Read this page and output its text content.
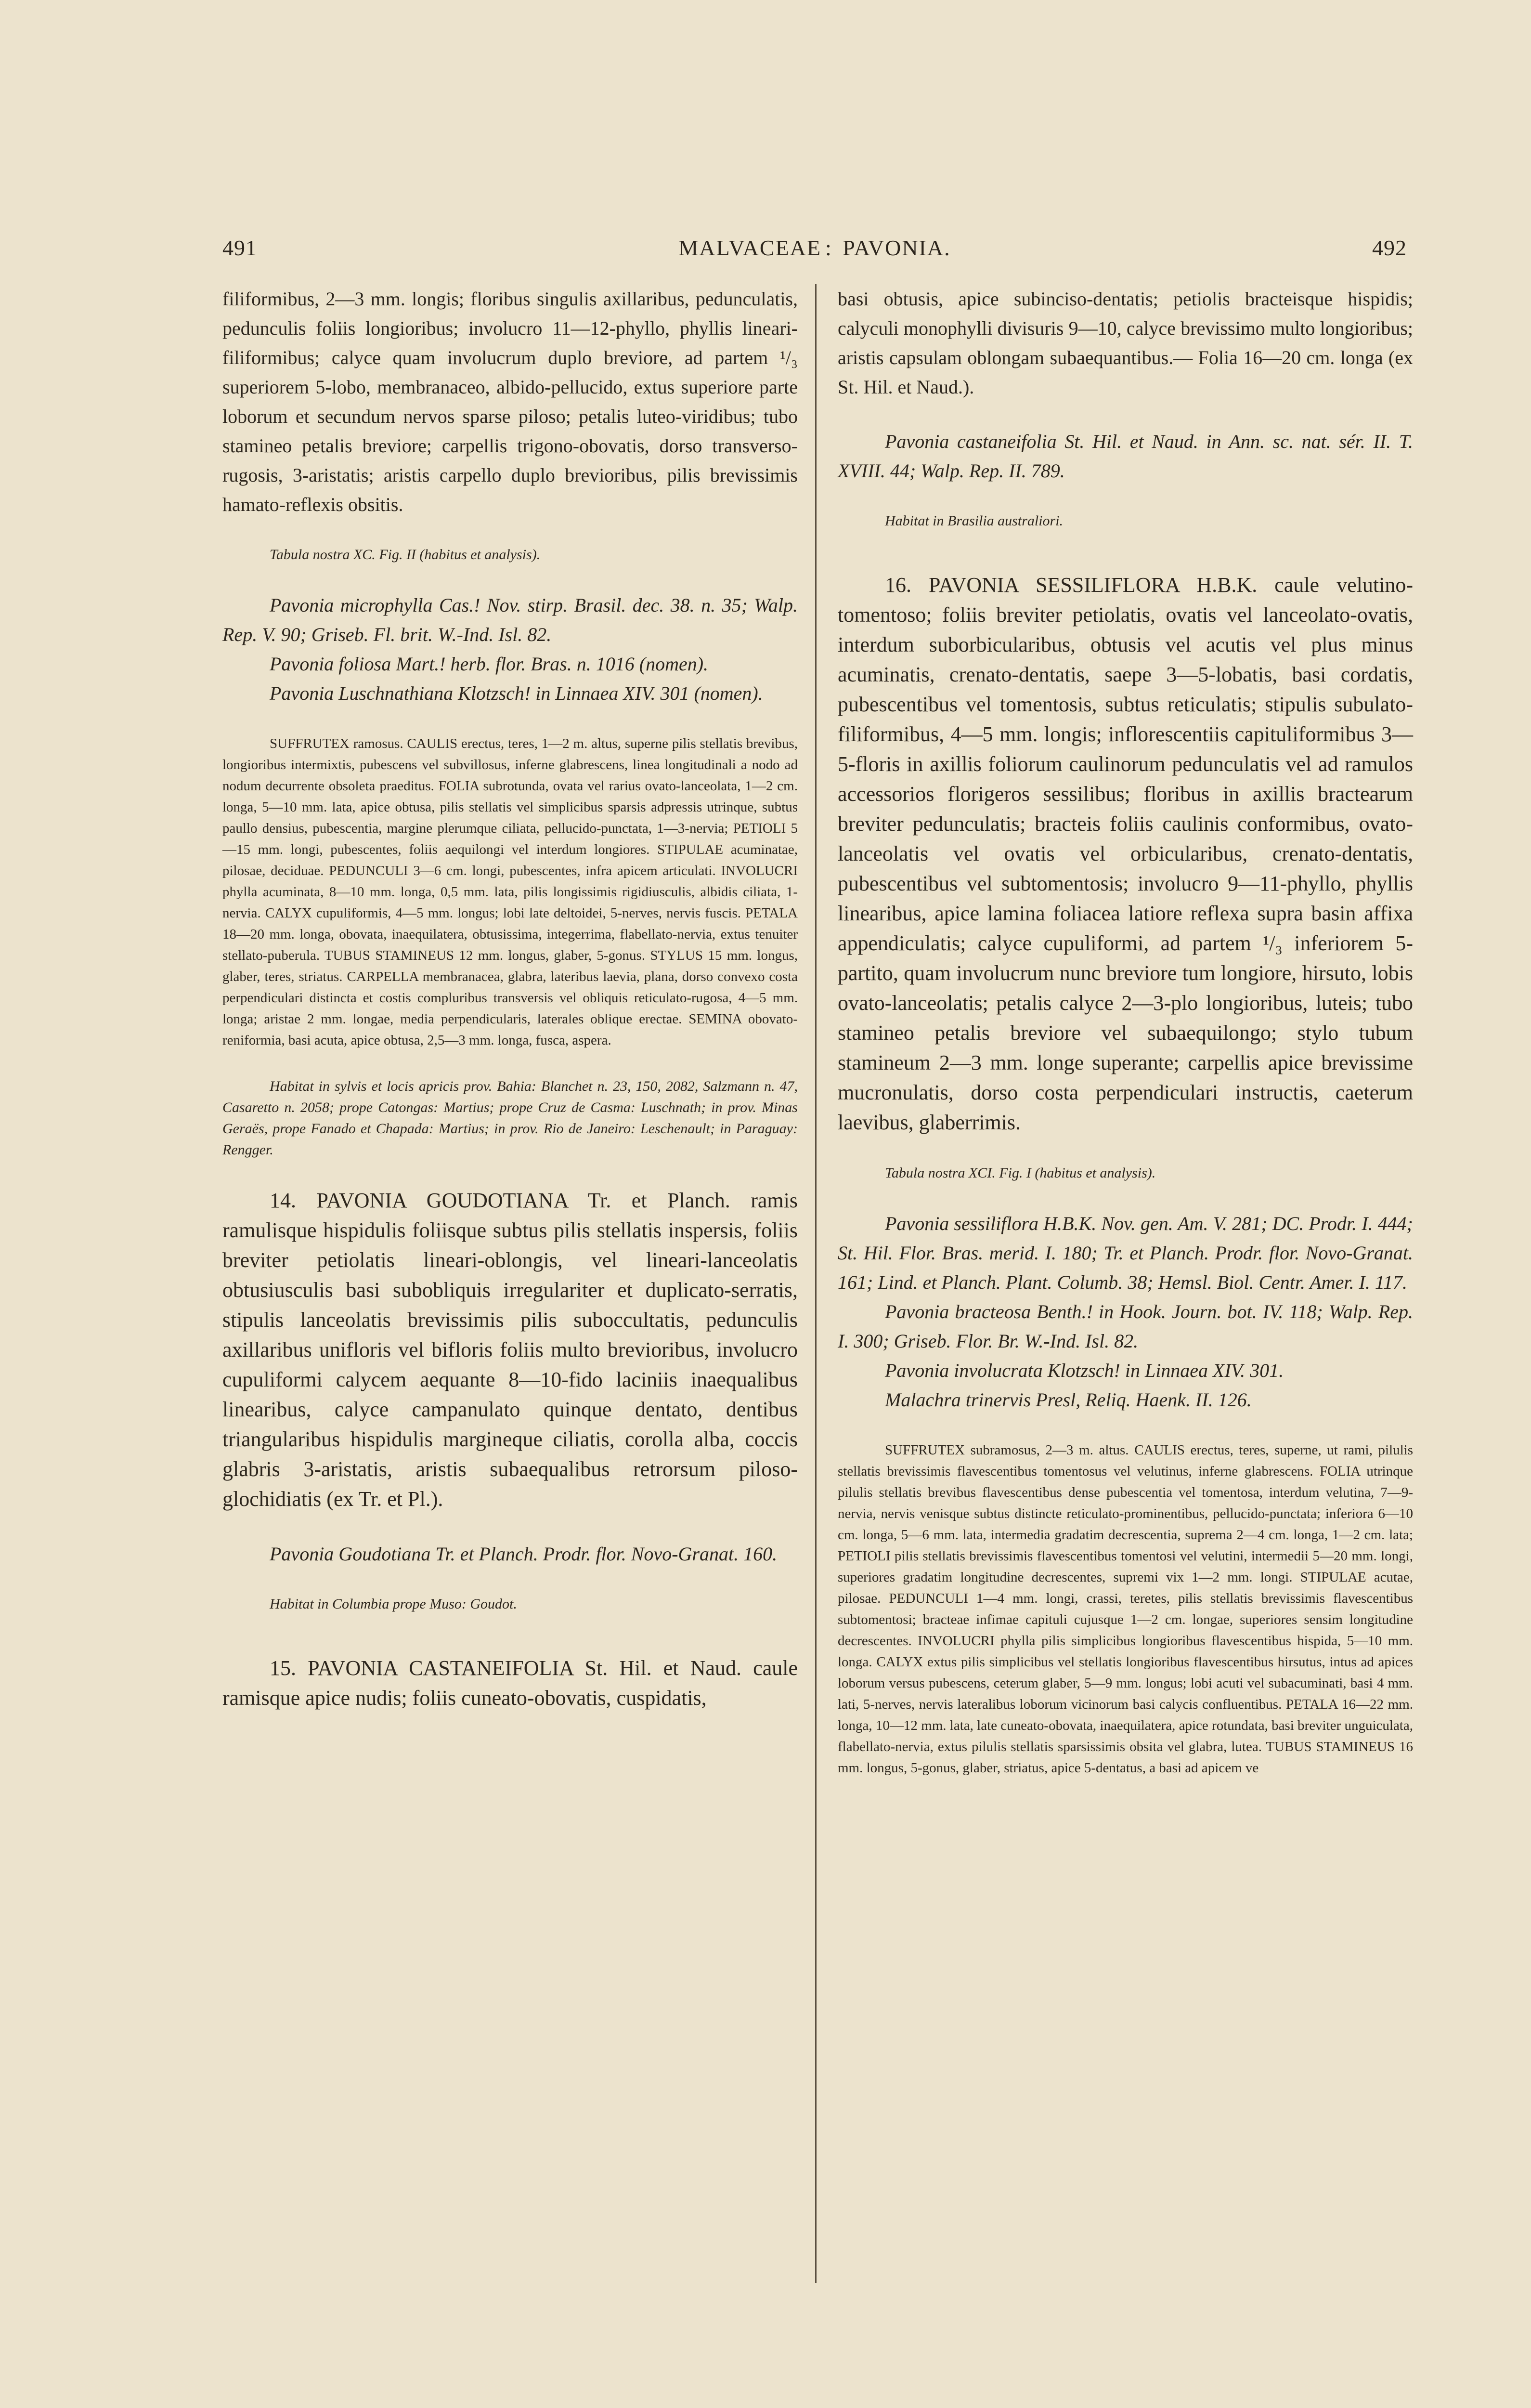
491	MALVACEAE : PAVONIA.	492

filiformibus, 2—3 mm. longis; floribus singulis axillaribus, pedunculatis, pedunculis foliis longioribus; involucro 11—12-phyllo, phyllis lineari-filiformibus; calyce quam involucrum duplo breviore, ad partem ¹/₃ superiorem 5-lobo, membranaceo, albido-pellucido, extus superiore parte loborum et secundum nervos sparse piloso; petalis luteo-viridibus; tubo stamineo petalis breviore; carpellis trigono-obovatis, dorso transverso-rugosis, 3-aristatis; aristis carpello duplo brevioribus, pilis brevissimis hamato-reflexis obsitis.

Tabula nostra XC. Fig. II (habitus et analysis).

Pavonia microphylla Cas.! Nov. stirp. Brasil. dec. 38. n. 35; Walp. Rep. V. 90; Griseb. Fl. brit. W.-Ind. Isl. 82.

Pavonia foliosa Mart.! herb. flor. Bras. n. 1016 (nomen).

Pavonia Luschnathiana Klotzsch! in Linnaea XIV. 301 (nomen).

SUFFRUTEX ramosus. CAULIS erectus, teres, 1—2 m. altus, superne pilis stellatis brevibus, longioribus intermixtis, pubescens vel subvillosus, inferne glabrescens, linea longitudinali a nodo ad nodum decurrente obsoleta praeditus. FOLIA subrotunda, ovata vel rarius ovato-lanceolata, 1—2 cm. longa, 5—10 mm. lata, apice obtusa, pilis stellatis vel simplicibus sparsis adpressis utrinque, subtus paullo densius, pubescentia, margine plerumque ciliata, pellucido-punctata, 1—3-nervia; PETIOLI 5—15 mm. longi, pubescentes, foliis aequilongi vel interdum longiores. STIPULAE acuminatae, pilosae, deciduae. PEDUNCULI 3—6 cm. longi, pubescentes, infra apicem articulati. INVOLUCRI phylla acuminata, 8—10 mm. longa, 0,5 mm. lata, pilis longissimis rigidiusculis, albidis ciliata, 1-nervia. CALYX cupuliformis, 4—5 mm. longus; lobi late deltoidei, 5-nerves, nervis fuscis. PETALA 18—20 mm. longa, obovata, inaequilatera, obtusissima, integerrima, flabellato-nervia, extus tenuiter stellato-puberula. TUBUS STAMINEUS 12 mm. longus, glaber, 5-gonus. STYLUS 15 mm. longus, glaber, teres, striatus. CARPELLA membranacea, glabra, lateribus laevia, plana, dorso convexo costa perpendiculari distincta et costis compluribus transversis vel obliquis reticulato-rugosa, 4—5 mm. longa; aristae 2 mm. longae, media perpendicularis, laterales oblique erectae. SEMINA obovato-reniformia, basi acuta, apice obtusa, 2,5—3 mm. longa, fusca, aspera.

Habitat in sylvis et locis apricis prov. Bahia: Blanchet n. 23, 150, 2082, Salzmann n. 47, Casaretto n. 2058; prope Catongas: Martius; prope Cruz de Casma: Luschnath; in prov. Minas Geraës, prope Fanado et Chapada: Martius; in prov. Rio de Janeiro: Leschenault; in Paraguay: Rengger.

14. PAVONIA GOUDOTIANA Tr. et Planch. ramis ramulisque hispidulis foliisque subtus pilis stellatis inspersis, foliis breviter petiolatis lineari-oblongis, vel lineari-lanceolatis obtusiusculis basi subobliquis irregulariter et duplicato-serratis, stipulis lanceolatis brevissimis pilis suboccultatis, pedunculis axillaribus unifloris vel bifloris foliis multo brevioribus, involucro cupuliformi calycem aequante 8—10-fido laciniis inaequalibus linearibus, calyce campanulato quinque dentato, dentibus triangularibus hispidulis margineque ciliatis, corolla alba, coccis glabris 3-aristatis, aristis subaequalibus retrorsum piloso-glochidiatis (ex Tr. et Pl.).

Pavonia Goudotiana Tr. et Planch. Prodr. flor. Novo-Granat. 160.

Habitat in Columbia prope Muso: Goudot.

15. PAVONIA CASTANEIFOLIA St. Hil. et Naud. caule ramisque apice nudis; foliis cuneato-obovatis, cuspidatis,

basi obtusis, apice subinciso-dentatis; petiolis bracteisque hispidis; calyculi monophylli divisuris 9—10, calyce brevissimo multo longioribus; aristis capsulam oblongam subaequantibus.— Folia 16—20 cm. longa (ex St. Hil. et Naud.).

Pavonia castaneifolia St. Hil. et Naud. in Ann. sc. nat. sér. II. T. XVIII. 44; Walp. Rep. II. 789.

Habitat in Brasilia australiori.

16. PAVONIA SESSILIFLORA H.B.K. caule velutino-tomentoso; foliis breviter petiolatis, ovatis vel lanceolato-ovatis, interdum suborbicularibus, obtusis vel acutis vel plus minus acuminatis, crenato-dentatis, saepe 3—5-lobatis, basi cordatis, pubescentibus vel tomentosis, subtus reticulatis; stipulis subulato-filiformibus, 4—5 mm. longis; inflorescentiis capituliformibus 3—5-floris in axillis foliorum caulinorum pedunculatis vel ad ramulos accessorios florigeros sessilibus; floribus in axillis bractearum breviter pedunculatis; bracteis foliis caulinis conformibus, ovato-lanceolatis vel ovatis vel orbicularibus, crenato-dentatis, pubescentibus vel subtomentosis; involucro 9—11-phyllo, phyllis linearibus, apice lamina foliacea latiore reflexa supra basin affixa appendiculatis; calyce cupuliformi, ad partem ¹/₃ inferiorem 5-partito, quam involucrum nunc breviore tum longiore, hirsuto, lobis ovato-lanceolatis; petalis calyce 2—3-plo longioribus, luteis; tubo stamineo petalis breviore vel subaequilongo; stylo tubum stamineum 2—3 mm. longe superante; carpellis apice brevissime mucronulatis, dorso costa perpendiculari instructis, caeterum laevibus, glaberrimis.

Tabula nostra XCI. Fig. I (habitus et analysis).

Pavonia sessiliflora H.B.K. Nov. gen. Am. V. 281; DC. Prodr. I. 444; St. Hil. Flor. Bras. merid. I. 180; Tr. et Planch. Prodr. flor. Novo-Granat. 161; Lind. et Planch. Plant. Columb. 38; Hemsl. Biol. Centr. Amer. I. 117.

Pavonia bracteosa Benth.! in Hook. Journ. bot. IV. 118; Walp. Rep. I. 300; Griseb. Flor. Br. W.-Ind. Isl. 82.

Pavonia involucrata Klotzsch! in Linnaea XIV. 301.

Malachra trinervis Presl, Reliq. Haenk. II. 126.

SUFFRUTEX subramosus, 2—3 m. altus. CAULIS erectus, teres, superne, ut rami, pilulis stellatis brevissimis flavescentibus tomentosus vel velutinus, inferne glabrescens. FOLIA utrinque pilulis stellatis brevibus flavescentibus dense pubescentia vel tomentosa, interdum velutina, 7—9-nervia, nervis venisque subtus distincte reticulato-prominentibus, pellucido-punctata; inferiora 6—10 cm. longa, 5—6 mm. lata, intermedia gradatim decrescentia, suprema 2—4 cm. longa, 1—2 cm. lata; PETIOLI pilis stellatis brevissimis flavescentibus tomentosi vel velutini, intermedii 5—20 mm. longi, superiores gradatim longitudine decrescentes, supremi vix 1—2 mm. longi. STIPULAE acutae, pilosae. PEDUNCULI 1—4 mm. longi, crassi, teretes, pilis stellatis brevissimis flavescentibus subtomentosi; bracteae infimae capituli cujusque 1—2 cm. longae, superiores sensim longitudine decrescentes. INVOLUCRI phylla pilis simplicibus longioribus flavescentibus hispida, 5—10 mm. longa. CALYX extus pilis simplicibus vel stellatis longioribus flavescentibus hirsutus, intus ad apices loborum versus pubescens, ceterum glaber, 5—9 mm. longus; lobi acuti vel subacuminati, basi 4 mm. lati, 5-nerves, nervis lateralibus loborum vicinorum basi calycis confluentibus. PETALA 16—22 mm. longa, 10—12 mm. lata, late cuneato-obovata, inaequilatera, apice rotundata, basi breviter unguiculata, flabellato-nervia, extus pilulis stellatis sparsissimis obsita vel glabra, lutea. TUBUS STAMINEUS 16 mm. longus, 5-gonus, glaber, striatus, apice 5-dentatus, a basi ad apicem ve
